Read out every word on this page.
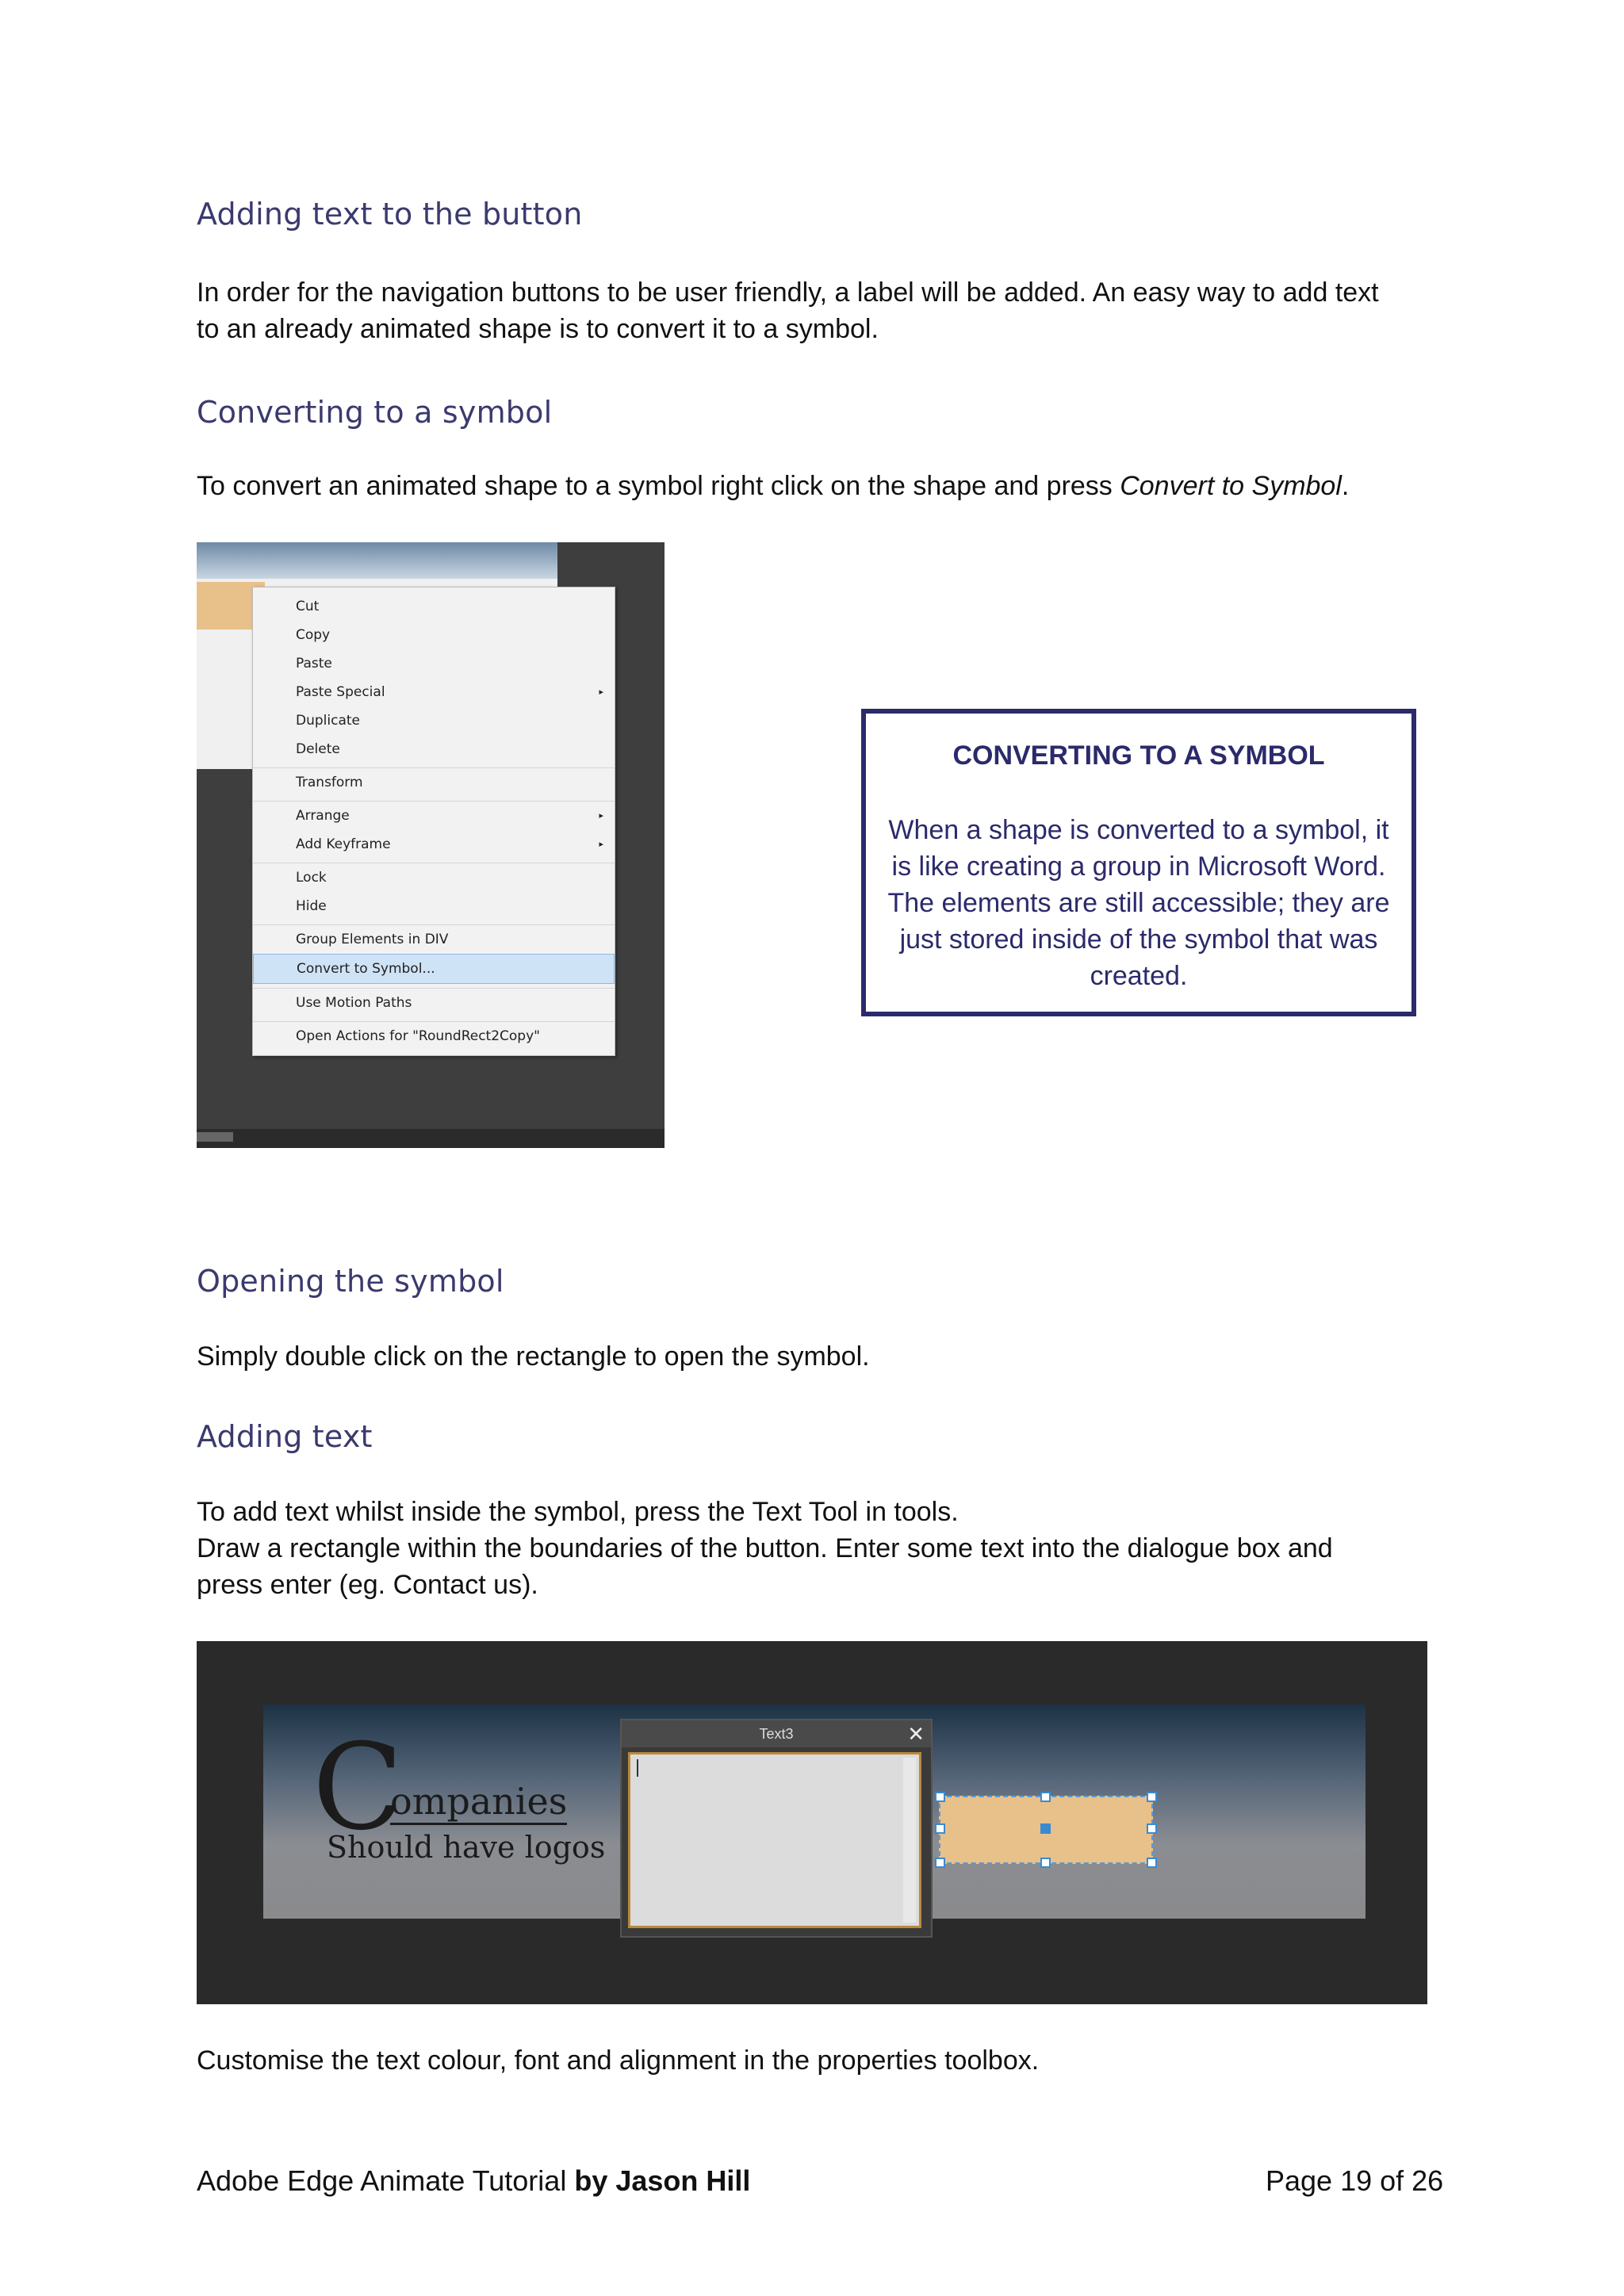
Adding text to the button
In order for the navigation buttons to be user friendly, a label will be added. An easy way to add text
to an already animated shape is to convert it to a symbol.
Converting to a symbol
To convert an animated shape to a symbol right click on the shape and press Convert to Symbol.
Cut
Copy
Paste
Paste Special	▸
Duplicate
Delete
Transform
Arrange	▸
Add Keyframe	▸
Lock
Hide
Group Elements in DIV
Convert to Symbol...
Use Motion Paths
Open Actions for "RoundRect2Copy"
CONVERTING TO A SYMBOL
When a shape is converted to a symbol, it
is like creating a group in Microsoft Word.
The elements are still accessible; they are
just stored inside of the symbol that was
created.
Opening the symbol
Simply double click on the rectangle to open the symbol.
Adding text
To add text whilst inside the symbol, press the Text Tool in tools.
Draw a rectangle within the boundaries of the button. Enter some text into the dialogue box and
press enter (eg. Contact us).
C
ompanies
Should have logos
Text3	✕
Customise the text colour, font and alignment in the properties toolbox.
Adobe Edge Animate Tutorial by Jason Hill	Page 19 of 26
